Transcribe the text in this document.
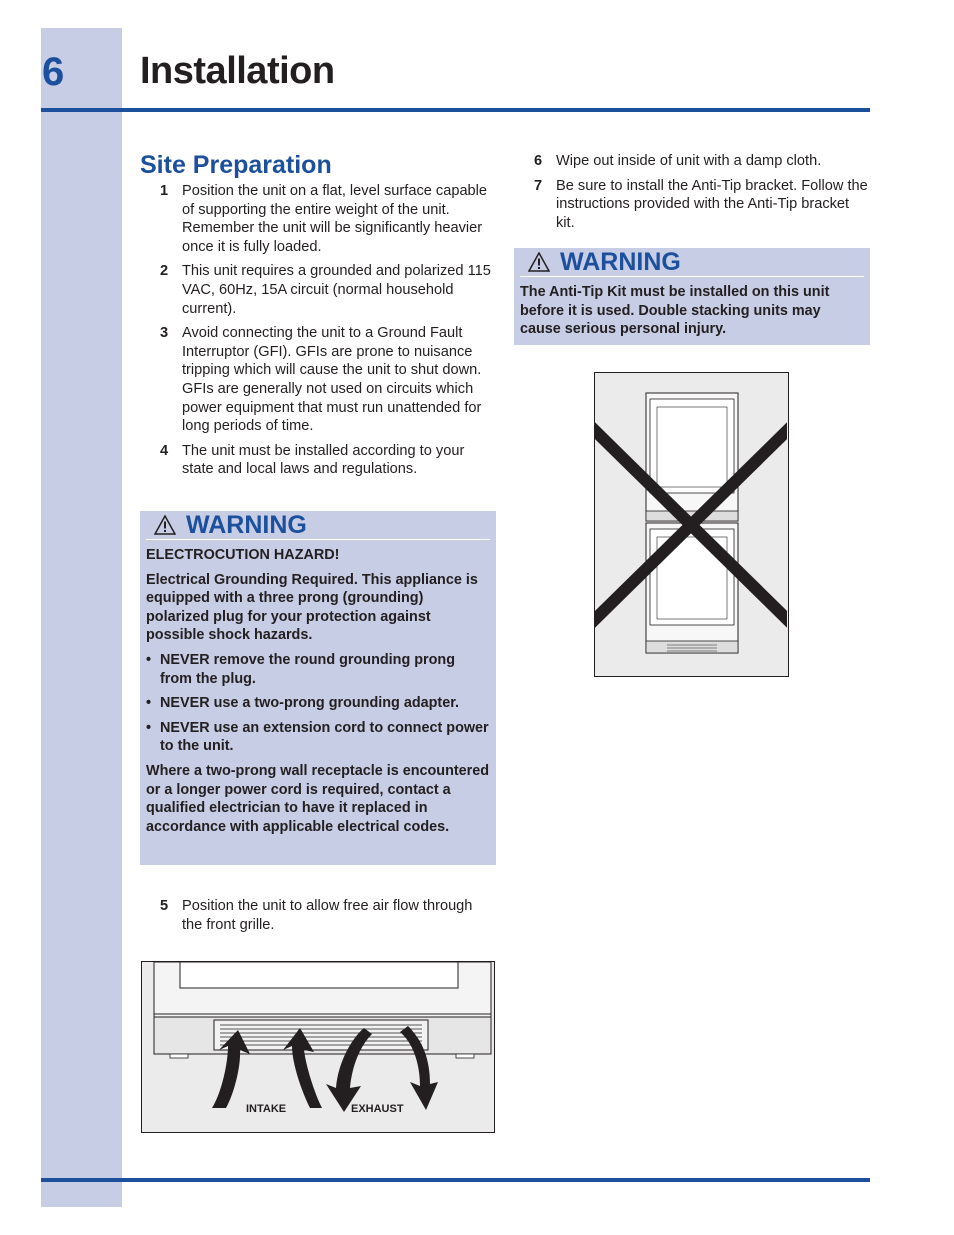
6	Installation
Site Preparation
1 Position the unit on a flat, level surface capable of supporting the entire weight of the unit. Remember the unit will be significantly heavier once it is fully loaded.
2 This unit requires a grounded and polarized 115 VAC, 60Hz, 15A circuit (normal household current).
3 Avoid connecting the unit to a Ground Fault Interruptor (GFI). GFIs are prone to nuisance tripping which will cause the unit to shut down. GFIs are generally not used on circuits which power equipment that must run unattended for long periods of time.
4 The unit must be installed according to your state and local laws and regulations.
WARNING

ELECTROCUTION HAZARD!

Electrical Grounding Required. This appliance is equipped with a three prong (grounding) polarized plug for your protection against possible shock hazards.

• NEVER remove the round grounding prong from the plug.
• NEVER use a two-prong grounding adapter.
• NEVER use an extension cord to connect power to the unit.

Where a two-prong wall receptacle is encountered or a longer power cord is required, contact a qualified electrician to have it replaced in accordance with applicable electrical codes.

5 Position the unit to allow free air flow through the front grille.
INTAKE	EXHAUST
6 Wipe out inside of unit with a damp cloth.
7 Be sure to install the Anti-Tip bracket. Follow the instructions provided with the Anti-Tip bracket kit.
WARNING

The Anti-Tip Kit must be installed on this unit before it is used. Double stacking units may cause serious personal injury.
